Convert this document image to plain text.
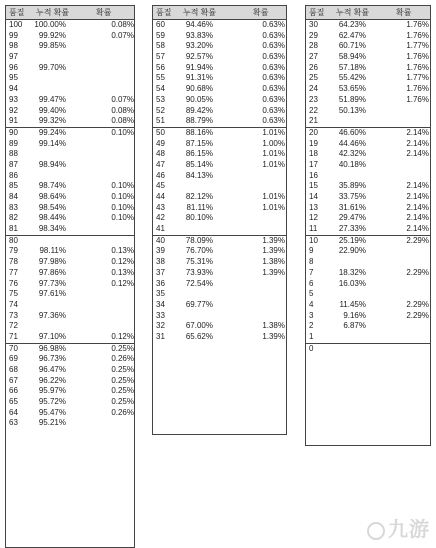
품질 누적 확률	확률
100 100.00%	0.08%
99	99.92%	0.07%
98	99.85%
97
96	99.70%
95
94
93	99.47%	0.07%
92	99.40%	0.08%
91	99.32%	0.08%
90	99.24%	0.10%
89	99.14%
88
87	98.94%
86
85	98.74%	0.10%
84	98.64%	0.10%
83	98.54%	0.10%
82	98.44%	0.10%
81	98.34%
80
79	98.11%	0.13%
78	97.98%	0.12%
77	97.86%	0.13%
76	97.73%	0.12%
75	97.61%
74
73	97.36%
72
71	97.10%	0.12%
70	96.98%	0.25%
69	96.73%	0.26%
68	96.47%	0.25%
67	96.22%	0.25%
66	95.97%	0.25%
65	95.72%	0.25%
64	95.47%	0.26%
63	95.21%
품질 누적 확률	확률
60	94.46%	0.63%
59	93.83%	0.63%
58	93.20%	0.63%
57	92.57%	0.63%
56	91.94%	0.63%
55	91.31%	0.63%
54	90.68%	0.63%
53	90.05%	0.63%
52	89.42%	0.63%
51	88.79%	0.63%
50	88.16%	1.01%
49	87.15%	1.00%
48	86.15%	1.01%
47	85.14%	1.01%
46	84.13%
45
44	82.12%	1.01%
43	81.11%	1.01%
42	80.10%
41
40	78.09%	1.39%
39	76.70%	1.39%
38	75.31%	1.38%
37	73.93%	1.39%
36	72.54%
35
34	69.77%
33
32	67.00%	1.38%
31	65.62%	1.39%
품질 누적 확률	확률
30	64.23%	1.76%
29	62.47%	1.76%
28	60.71%	1.77%
27	58.94%	1.76%
26	57.18%	1.76%
25	55.42%	1.77%
24	53.65%	1.76%
23	51.89%	1.76%
22	50.13%
21
20	46.60%	2.14%
19	44.46%	2.14%
18	42.32%	2.14%
17	40.18%
16
15	35.89%	2.14%
14	33.75%	2.14%
13	31.61%	2.14%
12	29.47%	2.14%
11	27.33%	2.14%
10	25.19%	2.29%
9	22.90%
8
7	18.32%	2.29%
6	16.03%
5
4	11.45%	2.29%
3	9.16%	2.29%
2	6.87%
1
0
九游
